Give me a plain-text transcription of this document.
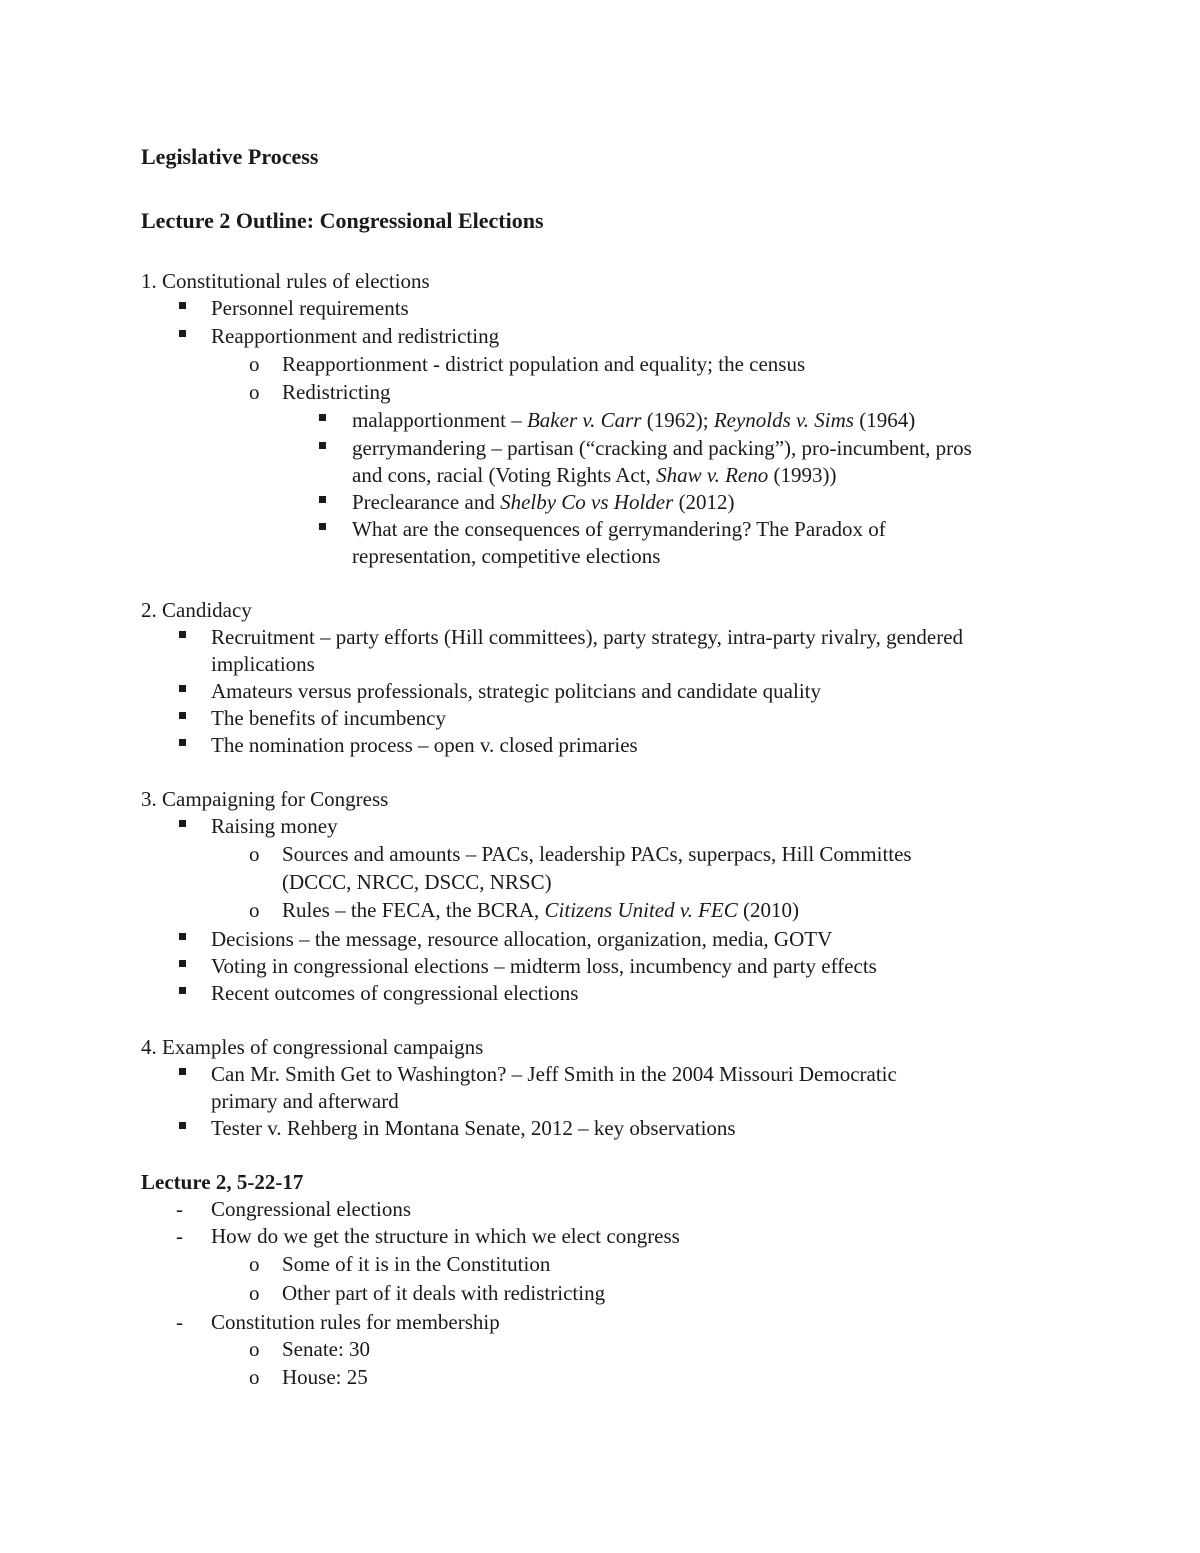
Legislative Process
Lecture 2 Outline: Congressional Elections
1. Constitutional rules of elections
Personnel requirements
Reapportionment and redistricting
o Reapportionment - district population and equality; the census
o Redistricting
malapportionment – Baker v. Carr (1962); Reynolds v. Sims (1964)
gerrymandering – partisan (“cracking and packing”), pro-incumbent, pros
and cons, racial (Voting Rights Act, Shaw v. Reno (1993))
Preclearance and Shelby Co vs Holder (2012)
What are the consequences of gerrymandering? The Paradox of
representation, competitive elections
2. Candidacy
Recruitment – party efforts (Hill committees), party strategy, intra-party rivalry, gendered
implications
Amateurs versus professionals, strategic politcians and candidate quality
The benefits of incumbency
The nomination process – open v. closed primaries
3. Campaigning for Congress
Raising money
o Sources and amounts – PACs, leadership PACs, superpacs, Hill Committes
(DCCC, NRCC, DSCC, NRSC)
o Rules – the FECA, the BCRA, Citizens United v. FEC (2010)
Decisions – the message, resource allocation, organization, media, GOTV
Voting in congressional elections – midterm loss, incumbency and party effects
Recent outcomes of congressional elections
4. Examples of congressional campaigns
Can Mr. Smith Get to Washington? – Jeff Smith in the 2004 Missouri Democratic
primary and afterward
Tester v. Rehberg in Montana Senate, 2012 – key observations
Lecture 2, 5-22-17
- Congressional elections
- How do we get the structure in which we elect congress
o Some of it is in the Constitution
o Other part of it deals with redistricting
- Constitution rules for membership
o Senate: 30
o House: 25
